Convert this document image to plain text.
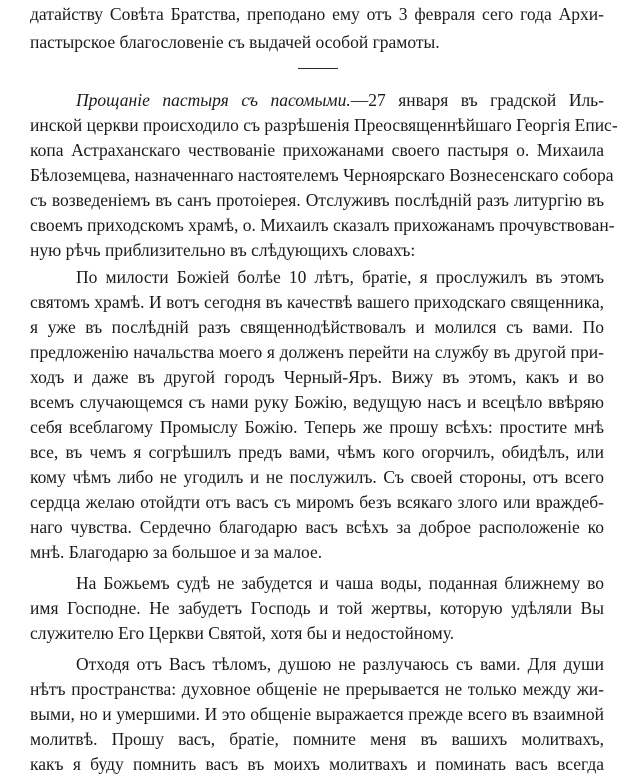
датайству Совѣта Братства, преподано ему отъ 3 февраля сего года Архи-
пастырское благословеніе съ выдачей особой грамоты.
Прощаніе пастыря съ пасомыми.—27 января въ градской Иль-
инской церкви происходило съ разрѣшенія Преосвященнѣйшаго Георгія Епис-
копа Астраханскаго чествованіе прихожанами своего пастыря о. Михаила
Бѣлоземцева, назначеннаго настоятелемъ Черноярскаго Вознесенскаго собора
съ возведеніемъ въ санъ протоіерея. Отслуживъ послѣдній разъ литургію въ
своемъ приходскомъ храмѣ, о. Михаилъ сказалъ прихожанамъ прочувствован-
ную рѣчь приблизительно въ слѣдующихъ словахъ:
По милости Божіей болѣе 10 лѣтъ, братіе, я прослужилъ въ этомъ
святомъ храмѣ. И вотъ сегодня въ качествѣ вашего приходскаго священника,
я уже въ послѣдній разъ священнодѣйствовалъ и молился съ вами. По
предложенію начальства моего я долженъ перейти на службу въ другой при-
ходъ и даже въ другой городъ Черный-Яръ. Вижу въ этомъ, какъ и во
всемъ случающемся съ нами руку Божію, ведущую насъ и всецѣло ввѣряю
себя всеблагому Промыслу Божію. Теперь же прошу всѣхъ: простите мнѣ
все, въ чемъ я согрѣшилъ предъ вами, чѣмъ кого огорчилъ, обидѣлъ, или
кому чѣмъ либо не угодилъ и не послужилъ. Съ своей стороны, отъ всего
сердца желаю отойдти отъ васъ съ миромъ безъ всякаго злого или враждеб-
наго чувства. Сердечно благодарю васъ всѣхъ за доброе расположеніе ко
мнѣ. Благодарю за большое и за малое.
На Божьемъ судѣ не забудется и чаша воды, поданная ближнему во
имя Господне. Не забудетъ Господь и той жертвы, которую удѣляли Вы
служителю Его Церкви Святой, хотя бы и недостойному.
Отходя отъ Васъ тѣломъ, душою не разлучаюсь съ вами. Для души
нѣтъ пространства: духовное общеніе не прерывается не только между жи-
выми, но и умершими. И это общеніе выражается прежде всего въ взаимной
молитвѣ. Прошу васъ, братіе, помните меня въ вашихъ молитвахъ,
какъ я буду помнить васъ въ моихъ молитвахъ и поминать васъ всегда
